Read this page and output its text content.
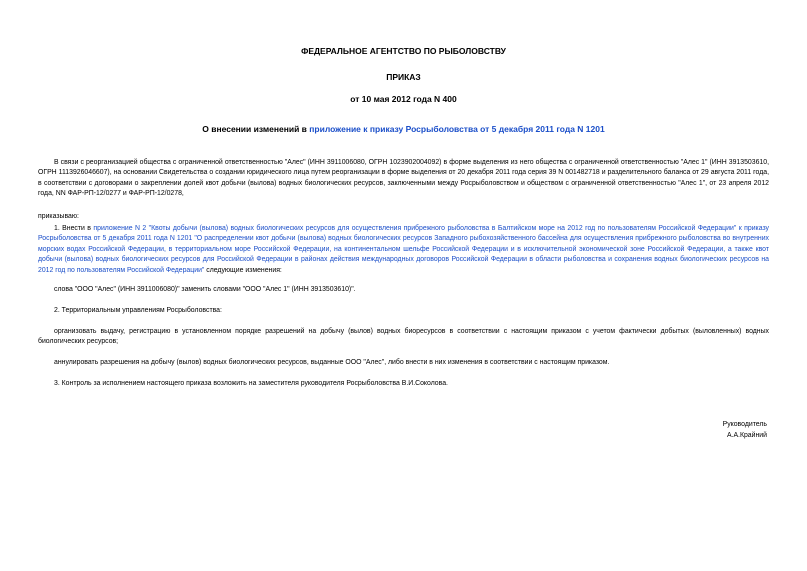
ФЕДЕРАЛЬНОЕ АГЕНТСТВО ПО РЫБОЛОВСТВУ
ПРИКАЗ
от 10 мая 2012 года N 400
О внесении изменений в приложение к приказу Росрыболовства от 5 декабря 2011 года N 1201

В связи с реорганизацией общества с ограниченной ответственностью "Алес" (ИНН 3911006080, ОГРН 1023902004092) в форме выделения из него общества с ограниченной ответственностью "Алес 1" (ИНН 3913503610, ОГРН 1113926046607), на основании Свидетельства о создании юридического лица путем реорганизации в форме выделения от 20 декабря 2011 года серия 39 N 001482718 и разделительного баланса от 29 августа 2011 года, в соответствии с договорами о закреплении долей квот добычи (вылова) водных биологических ресурсов, заключенными между Росрыболовством и обществом с ограниченной ответственностью "Алес 1", от 23 апреля 2012 года, NN ФАР-РП-12/0277 и ФАР-РП-12/0278,

приказываю:

1. Внести в приложение N 2 "Квоты добычи (вылова) водных биологических ресурсов для осуществления прибрежного рыболовства в Балтийском море на 2012 год по пользователям Российской Федерации" к приказу Росрыболовства от 5 декабря 2011 года N 1201 "О распределении квот добычи (вылова) водных биологических ресурсов Западного рыбохозяйственного бассейна для осуществления прибрежного рыболовства во внутренних морских водах Российской Федерации, в территориальном море Российской Федерации, на континентальном шельфе Российской Федерации и в исключительной экономической зоне Российской Федерации, а также квот добычи (вылова) водных биологических ресурсов для Российской Федерации в районах действия международных договоров Российской Федерации в области рыболовства и сохранения водных биологических ресурсов на 2012 год по пользователям Российской Федерации" следующие изменения:

слова "ООО "Алес" (ИНН 3911006080)" заменить словами "ООО "Алес 1" (ИНН 3913503610)".

2. Территориальным управлениям Росрыболовства:

организовать выдачу, регистрацию в установленном порядке разрешений на добычу (вылов) водных биоресурсов в соответствии с настоящим приказом с учетом фактически добытых (выловленных) водных биологических ресурсов;

аннулировать разрешения на добычу (вылов) водных биологических ресурсов, выданные ООО "Алес", либо внести в них изменения в соответствии с настоящим приказом.

3. Контроль за исполнением настоящего приказа возложить на заместителя руководителя Росрыболовства В.И.Соколова.

Руководитель

А.А.Крайний
